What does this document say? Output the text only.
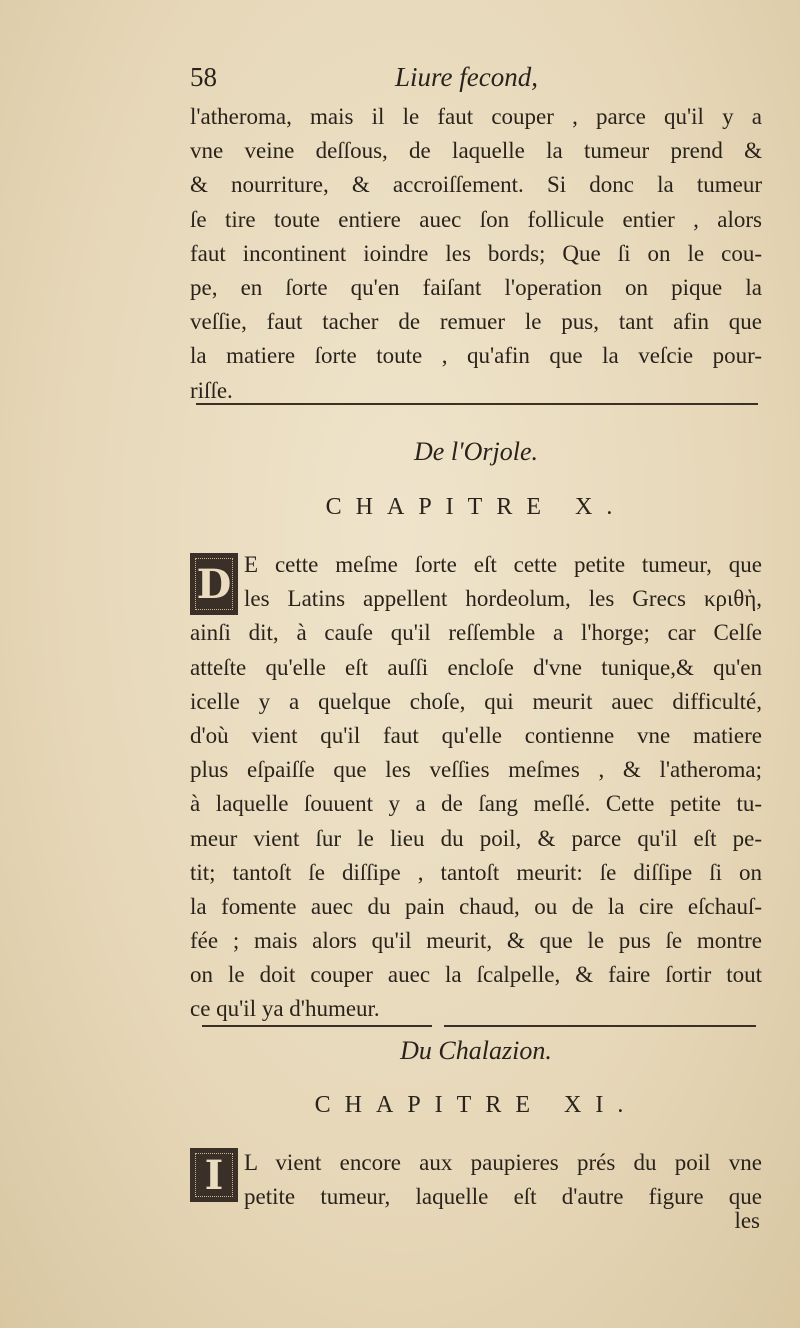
58	Liure fecond,
l'atheroma, mais il le faut couper , parce qu'il y a
vne veine deſſous, de laquelle la tumeur prend &
& nourriture, & accroiſſement. Si donc la tumeur
ſe tire toute entiere auec ſon follicule entier , alors
faut incontinent ioindre les bords; Que ſi on le cou-
pe, en ſorte qu'en faiſant l'operation on pique la
veſſie, faut tacher de remuer le pus, tant afin que
la matiere ſorte toute , qu'afin que la veſcie pour-
riſſe.
De l'Orjole.
CHAPITRE X.
D E cette meſme ſorte eſt cette petite tumeur, que
les Latins appellent hordeolum, les Grecs κριθὴ,
ainſi dit, à cauſe qu'il reſſemble a l'horge; car Celſe
atteſte qu'elle eſt auſſi encloſe d'vne tunique,& qu'en
icelle y a quelque choſe, qui meurit auec difficulté,
d'où vient qu'il faut qu'elle contienne vne matiere
plus eſpaiſſe que les veſſies meſmes , & l'atheroma;
à laquelle ſouuent y a de ſang meſlé. Cette petite tu-
meur vient ſur le lieu du poil, & parce qu'il eſt pe-
tit; tantoſt ſe diſſipe , tantoſt meurit: ſe diſſipe ſi on
la fomente auec du pain chaud, ou de la cire eſchauſ-
fée ; mais alors qu'il meurit, & que le pus ſe montre
on le doit couper auec la ſcalpelle, & faire ſortir tout
ce qu'il ya d'humeur.
Du Chalazion.
CHAPITRE XI.
I L vient encore aux paupieres prés du poil vne
petite tumeur, laquelle eſt d'autre figure que
les
